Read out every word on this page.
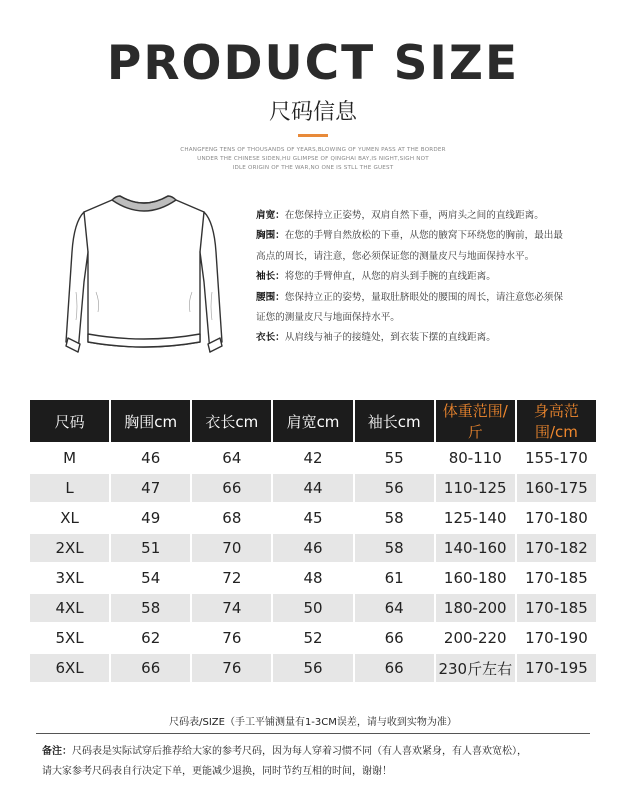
PRODUCT SIZE
尺码信息
CHANGFENG TENS OF THOUSANDS OF YEARS,BLOWING OF YUMEN PASS AT THE BORDER
UNDER THE CHINESE SIDEN,HU GLIMPSE OF QINGHAI BAY,IS NIGHT,SIGH NOT
IDLE ORIGIN OF THE WAR,NO ONE IS STLL THE GUEST

肩宽：在您保持立正姿势，双肩自然下垂，两肩头之间的直线距离。

胸围：在您的手臂自然放松的下垂，从您的腋窝下环绕您的胸前，最出最

高点的周长，请注意，您必须保证您的测量皮尺与地面保持水平。

袖长：将您的手臂伸直，从您的肩头到手腕的直线距离。

腰围：您保持立正的姿势，量取肚脐眼处的腰围的周长，请注意您必须保

证您的测量皮尺与地面保持水平。

衣长：从肩线与袖子的接缝处，到衣装下摆的直线距离。

尺码	胸围cm	衣长cm	肩宽cm	袖长cm	体重范围/斤	身高范围/cm
M	46	64	42	55	80-110	155-170
L	47	66	44	56	110-125	160-175
XL	49	68	45	58	125-140	170-180
2XL	51	70	46	58	140-160	170-182
3XL	54	72	48	61	160-180	170-185
4XL	58	74	50	64	180-200	170-185
5XL	62	76	52	66	200-220	170-190
6XL	66	76	56	66	230斤左右	170-195
尺码表/SIZE（手工平铺测量有1-3CM误差，请与收到实物为准）
备注：尺码表是实际试穿后推荐给大家的参考尺码，因为每人穿着习惯不同（有人喜欢紧身，有人喜欢宽松），
请大家参考尺码表自行决定下单，更能减少退换，同时节约互相的时间，谢谢！
